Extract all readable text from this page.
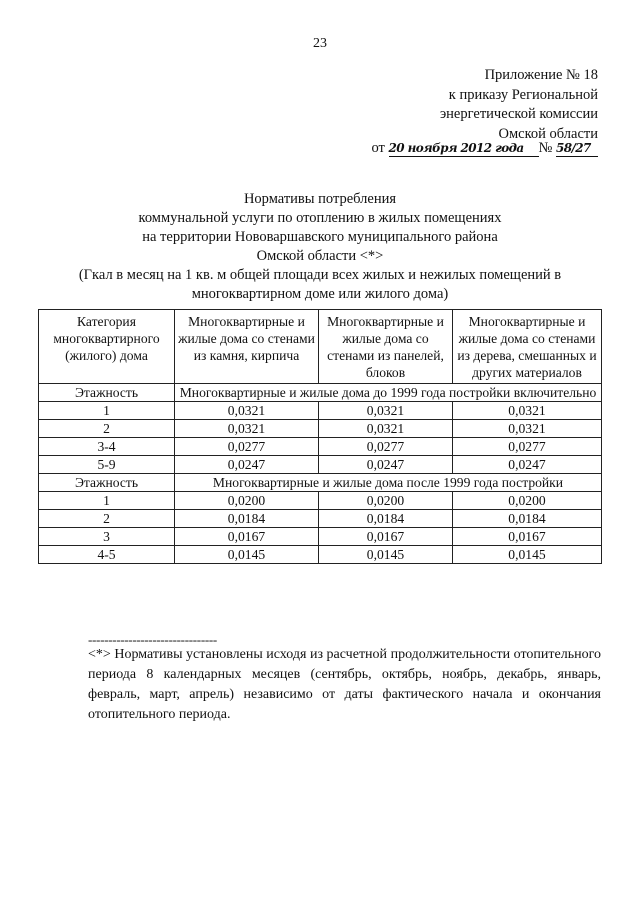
23
Приложение № 18
к приказу Региональной
энергетической комиссии
Омской области
от 20 ноября 2012 года № 58/27
Нормативы потребления
коммунальной услуги по отоплению в жилых помещениях
на территории Нововаршавского муниципального района
Омской области <*>
(Гкал в месяц на 1 кв. м общей площади всех жилых и нежилых помещений в
многоквартирном доме или жилого дома)
Категория многоквартирного (жилого) дома	Многоквартирные и жилые дома со стенами из камня, кирпича	Многоквартирные и жилые дома со стенами из панелей, блоков	Многоквартирные и жилые дома со стенами из дерева, смешанных и других материалов
Этажность	Многоквартирные и жилые дома до 1999 года постройки включительно		
1	0,0321	0,0321	0,0321
2	0,0321	0,0321	0,0321
3-4	0,0277	0,0277	0,0277
5-9	0,0247	0,0247	0,0247
Этажность	Многоквартирные и жилые дома после 1999 года постройки		
1	0,0200	0,0200	0,0200
2	0,0184	0,0184	0,0184
3	0,0167	0,0167	0,0167
4-5	0,0145	0,0145	0,0145
--------------------------------
<*> Нормативы установлены исходя из расчетной продолжительности отопительного периода 8 календарных месяцев (сентябрь, октябрь, ноябрь, декабрь, январь, февраль, март, апрель) независимо от даты фактического начала и окончания отопительного периода.
